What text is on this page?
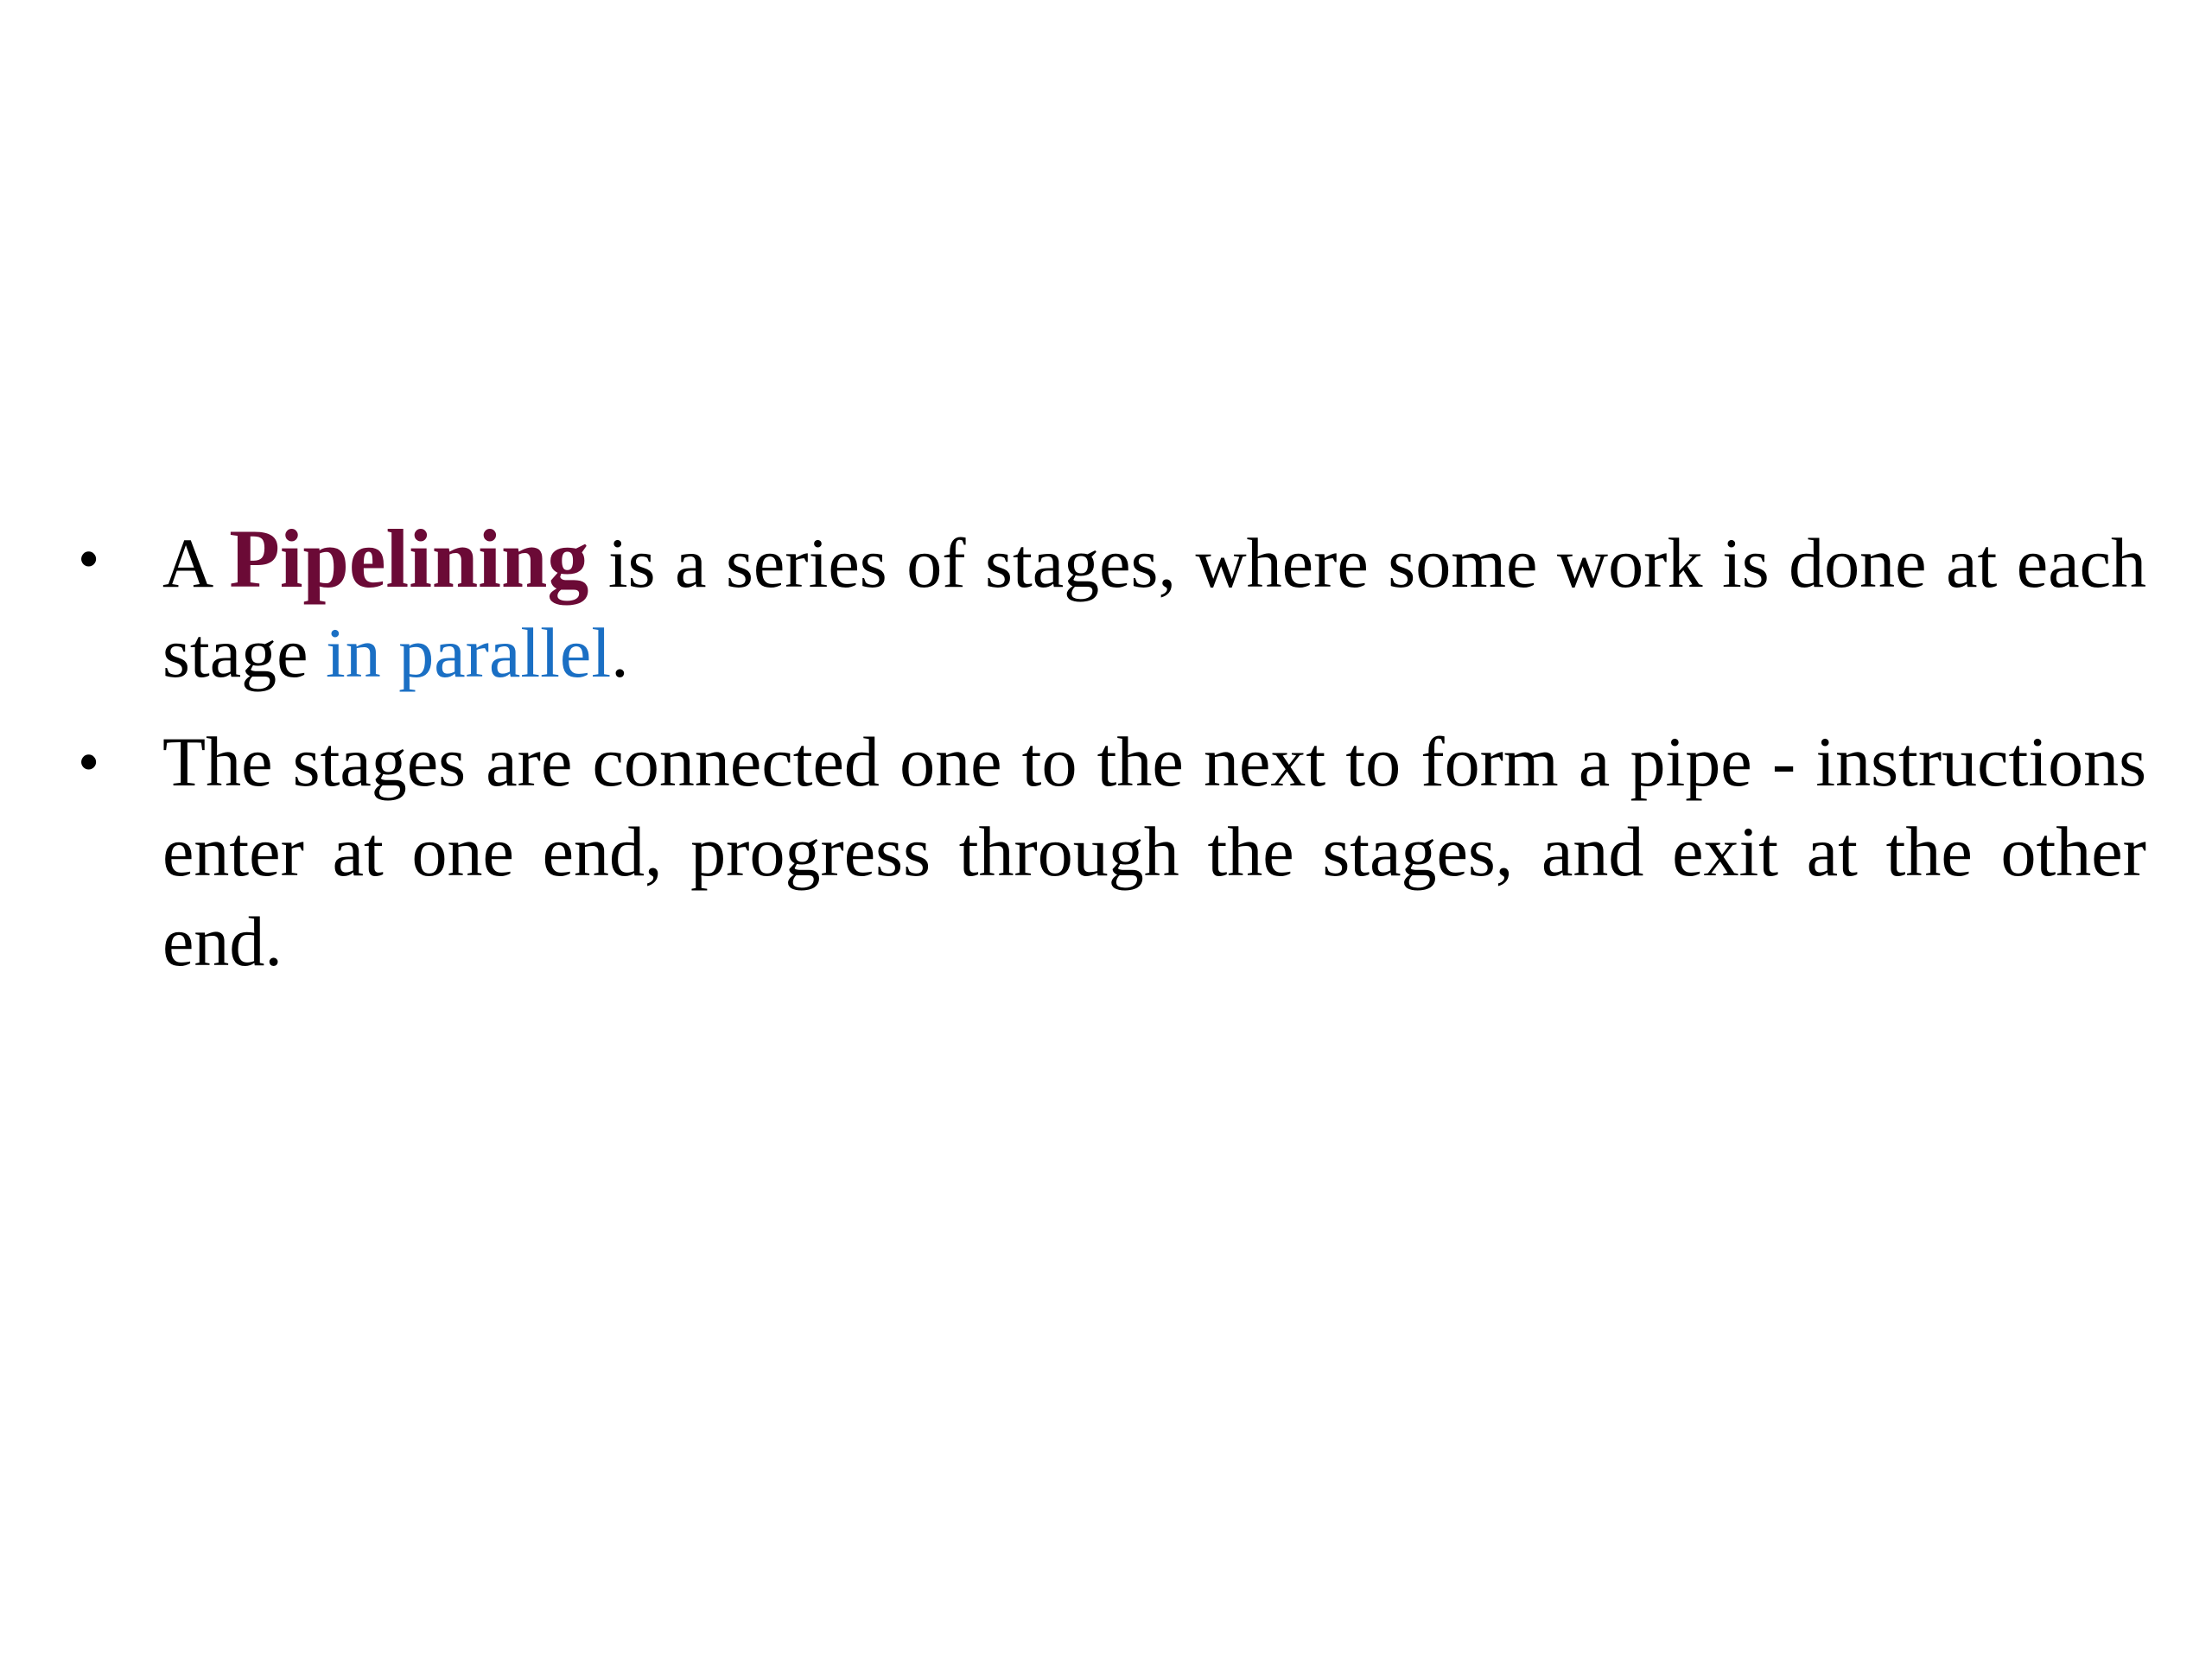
• A Pipelining is a series of stages, where some work is done at each stage in parallel.
• The stages are connected one to the next to form a pipe - instructions enter at one end, progress through the stages, and exit at the other end.
